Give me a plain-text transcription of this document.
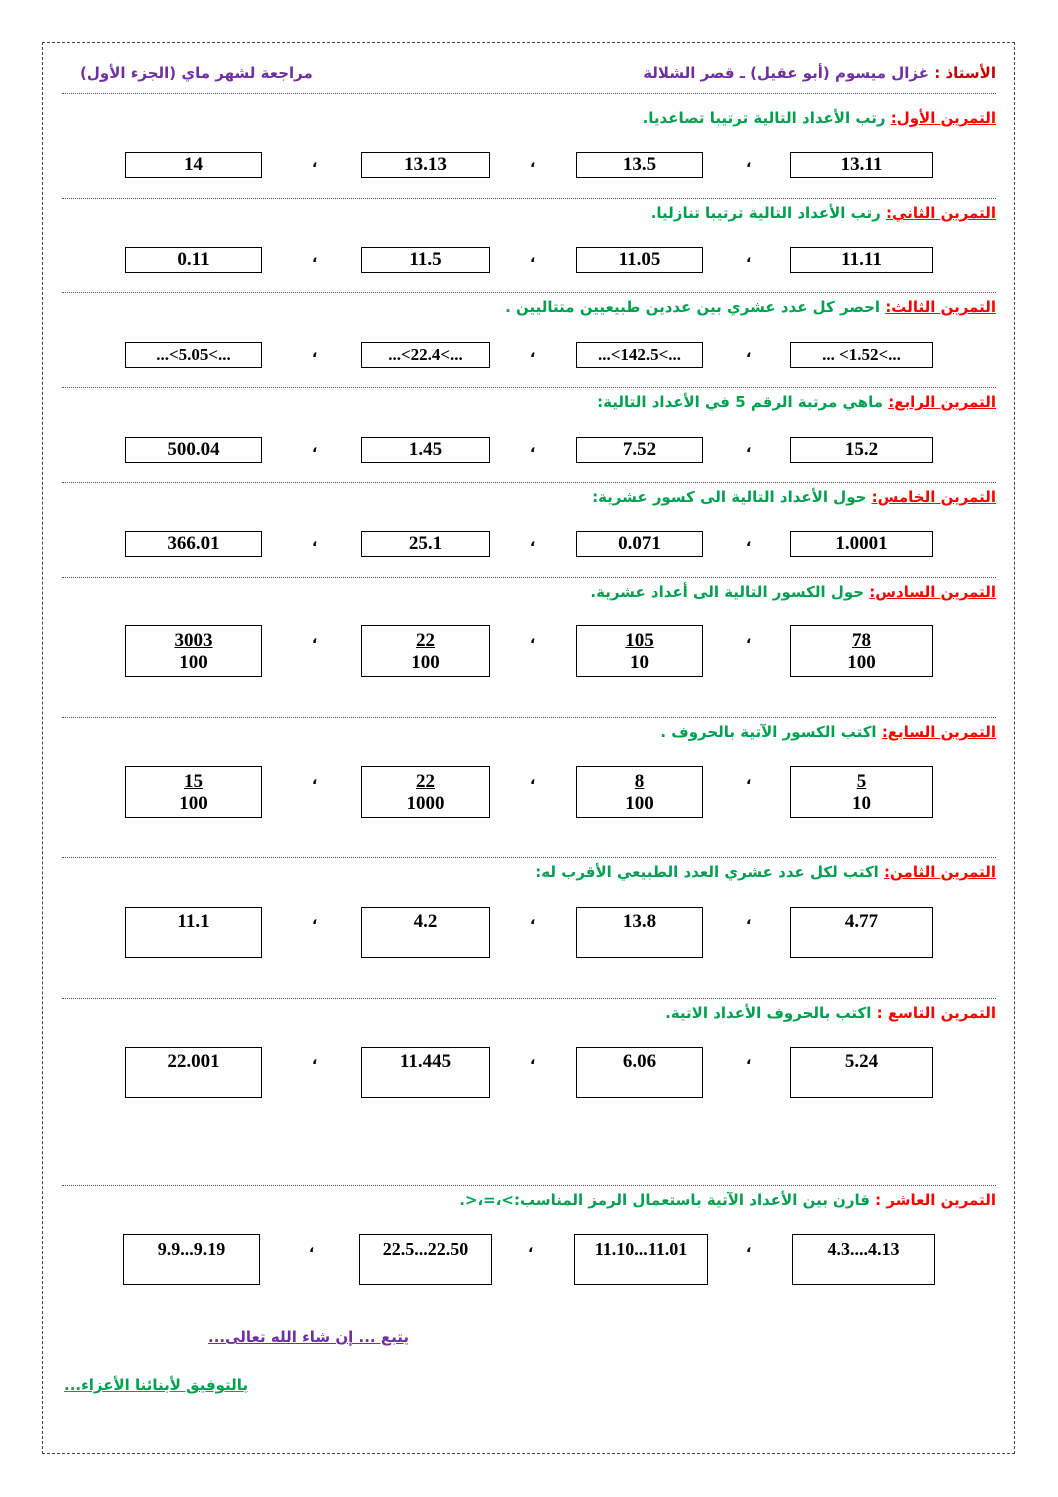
الأستاذ : غزال ميسوم (أبو عقيل) ـ قصر الشلالة
مراجعة لشهر ماي (الجزء الأول)
التمرين الأول: رتب الأعداد التالية ترتيبا تصاعديا.
13.11
13.5
13.13
14	،
،
،
التمرين الثاني: رتب الأعداد التالية ترتيبا تنازليا.
11.11
11.05
11.5
0.11	،
،
،
التمرين الثالث: احصر كل عدد عشري بين عددين طبيعيين متتاليين .
... <1.52<...
...<142.5<...
...<22.4<...
...<5.05<...	،
،
،
التمرين الرابع: ماهي مرتبة الرقم 5 في الأعداد التالية:
15.2
7.52
1.45
500.04	،
،
،
التمرين الخامس: حول الأعداد التالية الى كسور عشرية:
1.0001
0.071
25.1
366.01	،
،
،
التمرين السادس: حول الكسور التالية الى أعداد عشرية.
$\frac{78}{100}$
$\frac{105}{10}$
$\frac{22}{100}$
$\frac{3003}{100}$	،
،
،
التمرين السابع: اكتب الكسور الآتية بالحروف .
$\frac{5}{10}$
$\frac{8}{100}$
$\frac{22}{1000}$
$\frac{15}{100}$	،
،
،
التمرين الثامن: اكتب لكل عدد عشري العدد الطبيعي الأقرب له:
4.77
13.8
4.2
11.1	،
،
،
التمرين التاسع : اكتب بالحروف الأعداد الاتية.
5.24
6.06
11.445
22.001	،
،
،
التمرين العاشر : قارن بين الأعداد الآتية باستعمال الرمز المناسب:>،=،<.
4.3....4.13
11.10...11.01
22.5...22.50
9.9...9.19	،
،
،
يتبع ... إن شاء الله تعالى...
بالتوفيق لأبنائنا الأعزاء...
